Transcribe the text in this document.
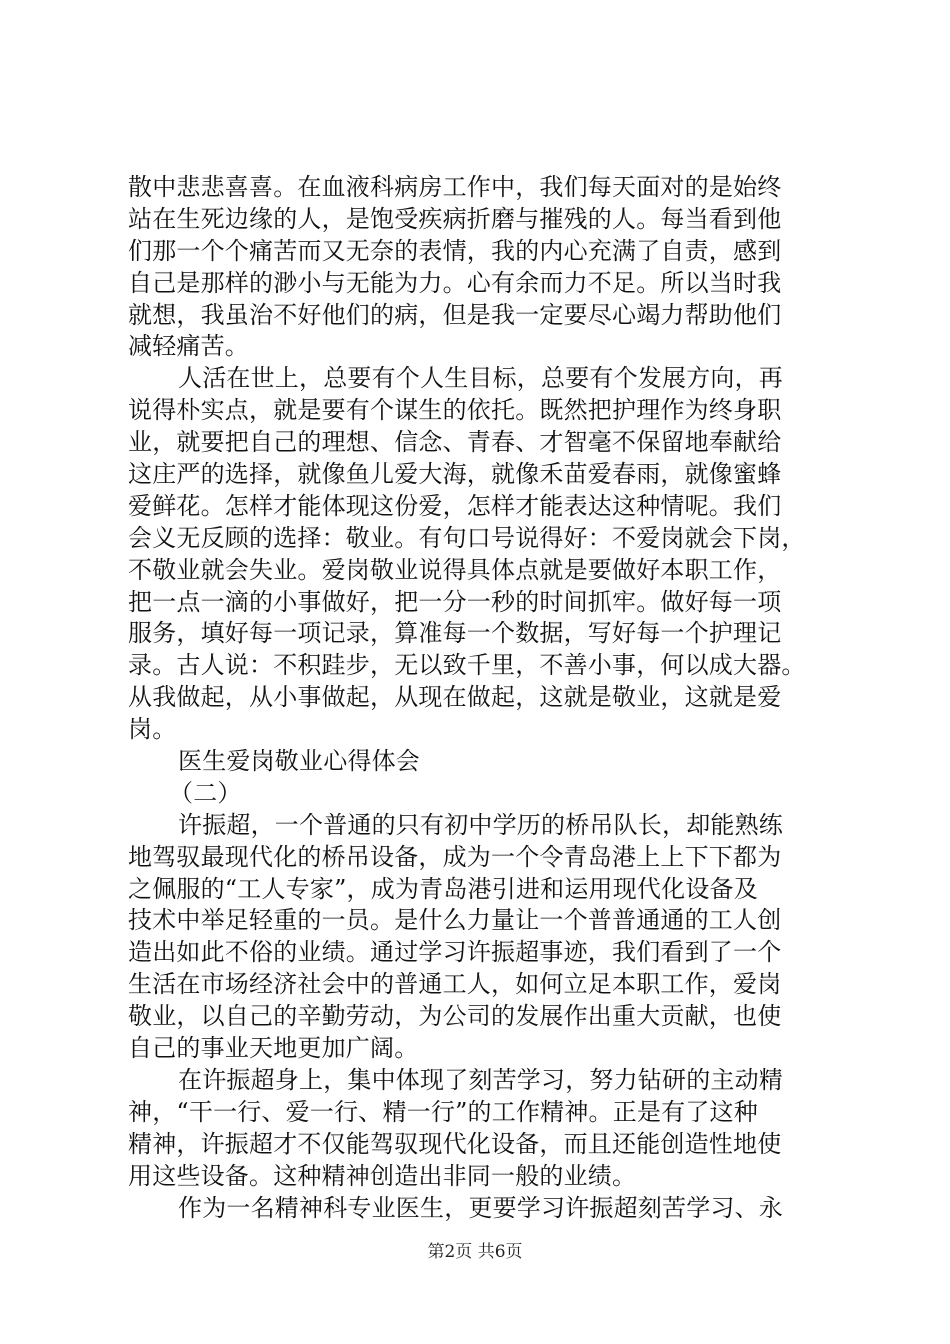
散中悲悲喜喜。在血液科病房工作中，我们每天面对的是始终
站在生死边缘的人，是饱受疾病折磨与摧残的人。每当看到他
们那一个个痛苦而又无奈的表情，我的内心充满了自责，感到
自己是那样的渺小与无能为力。心有余而力不足。所以当时我
就想，我虽治不好他们的病，但是我一定要尽心竭力帮助他们
减轻痛苦。
人活在世上，总要有个人生目标，总要有个发展方向，再
说得朴实点，就是要有个谋生的依托。既然把护理作为终身职
业，就要把自己的理想、信念、青春、才智毫不保留地奉献给
这庄严的选择，就像鱼儿爱大海，就像禾苗爱春雨，就像蜜蜂
爱鲜花。怎样才能体现这份爱，怎样才能表达这种情呢。我们
会义无反顾的选择：敬业。有句口号说得好：不爱岗就会下岗，
不敬业就会失业。爱岗敬业说得具体点就是要做好本职工作，
把一点一滴的小事做好，把一分一秒的时间抓牢。做好每一项
服务，填好每一项记录，算准每一个数据，写好每一个护理记
录。古人说：不积跬步，无以致千里，不善小事，何以成大器。
从我做起，从小事做起，从现在做起，这就是敬业，这就是爱
岗。
医生爱岗敬业心得体会
（二）
许振超，一个普通的只有初中学历的桥吊队长，却能熟练
地驾驭最现代化的桥吊设备，成为一个令青岛港上上下下都为
之佩服的“工人专家”，成为青岛港引进和运用现代化设备及
技术中举足轻重的一员。是什么力量让一个普普通通的工人创
造出如此不俗的业绩。通过学习许振超事迹，我们看到了一个
生活在市场经济社会中的普通工人，如何立足本职工作，爱岗
敬业，以自己的辛勤劳动，为公司的发展作出重大贡献，也使
自己的事业天地更加广阔。
在许振超身上，集中体现了刻苦学习，努力钻研的主动精
神，“干一行、爱一行、精一行”的工作精神。正是有了这种
精神，许振超才不仅能驾驭现代化设备，而且还能创造性地使
用这些设备。这种精神创造出非同一般的业绩。
作为一名精神科专业医生，更要学习许振超刻苦学习、永
第2页 共6页
